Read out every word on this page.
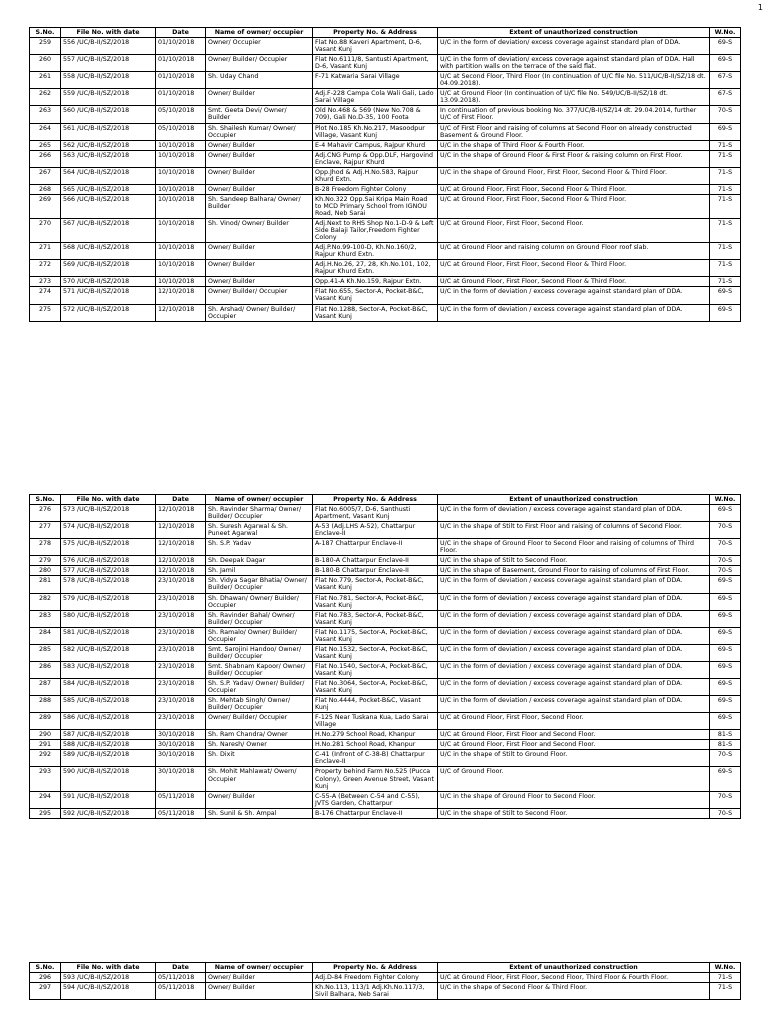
1
S.No.	File No. with date	Date	Name of owner/ occupier	Property No. & Address	Extent of unauthorized construction	W.No.
259	556 /UC/B-II/SZ/2018	01/10/2018	Owner/ Occupier	Flat No.88 Kaveri Apartment, D-6, Vasant Kunj	U/C in the form of deviation/ excess coverage against standard plan of DDA.	69-S
260	557 /UC/B-II/SZ/2018	01/10/2018	Owner/ Builder/ Occupier	Flat No.6111/8, Santusti Apartment, D-6, Vasant Kunj	U/C in the form of deviation/ excess coverage against standard plan of DDA. Hall with partition walls on the terrace of the said flat.	69-S
261	558 /UC/B-II/SZ/2018	01/10/2018	Sh. Uday Chand	F-71 Katwaria Sarai Village	U/C at Second Floor, Third Floor (In continuation of U/C file No. 511/UC/B-II/SZ/18 dt. 04.09.2018).	67-S
262	559 /UC/B-II/SZ/2018	01/10/2018	Owner/ Builder	Adj.F-228 Campa Cola Wali Gali, Lado Sarai Village	U/C at Ground Floor (In continuation of U/C file No. 549/UC/B-II/SZ/18 dt. 13.09.2018).	67-S
263	560 /UC/B-II/SZ/2018	05/10/2018	Smt. Geeta Devi/ Owner/ Builder	Old No.468 & 569 (New No.708 & 709), Gali No.D-35, 100 Foota	In continuation of previous booking No. 377/UC/B-II/SZ/14 dt. 29.04.2014, further U/C of First Floor.	70-S
264	561 /UC/B-II/SZ/2018	05/10/2018	Sh. Shailesh Kumar/ Owner/ Occupier	Plot No.185 Kh.No.217, Masoodpur Village, Vasant Kunj	U/C of First Floor and raising of columns at Second Floor on already constructed Basement & Ground Floor.	69-S
265	562 /UC/B-II/SZ/2018	10/10/2018	Owner/ Builder	E-4 Mahavir Campus, Rajpur Khurd	U/C in the shape of Third Floor & Fourth Floor.	71-S
266	563 /UC/B-II/SZ/2018	10/10/2018	Owner/ Builder	Adj.CNG Pump & Opp.DLF, Hargovind Enclave, Rajpur Khurd	U/C in the shape of Ground Floor & First Floor & raising column on First Floor.	71-S
267	564 /UC/B-II/SZ/2018	10/10/2018	Owner/ Builder	Opp.Jhod & Adj.H.No.583, Rajpur Khurd Extn.	U/C in the shape of Ground Floor, First Floor, Second Floor & Third Floor.	71-S
268	565 /UC/B-II/SZ/2018	10/10/2018	Owner/ Builder	B-28 Freedom Fighter Colony	U/C at Ground Floor, First Floor, Second Floor & Third Floor.	71-S
269	566 /UC/B-II/SZ/2018	10/10/2018	Sh. Sandeep Balhara/ Owner/ Builder	Kh.No.322 Opp.Sai Kripa Main Road to MCD Primary School from IGNOU Road, Neb Sarai	U/C at Ground Floor, First Floor, Second Floor & Third Floor.	71-S
270	567 /UC/B-II/SZ/2018	10/10/2018	Sh. Vinod/ Owner/ Builder	Adj.Next to RHS Shop No.1-D-9 & Left Side Balaji Tailor,Freedom Fighter Colony	U/C at Ground Floor, First Floor, Second Floor.	71-S
271	568 /UC/B-II/SZ/2018	10/10/2018	Owner/ Builder	Adj.P.No.99-100-D, Kh.No.160/2, Rajpur Khurd Extn.	U/C at Ground Floor and raising column on Ground Floor roof slab.	71-S
272	569 /UC/B-II/SZ/2018	10/10/2018	Owner/ Builder	Adj.H.No.26, 27, 28, Kh.No.101, 102, Rajpur Khurd Extn.	U/C at Ground Floor, First Floor, Second Floor & Third Floor.	71-S
273	570 /UC/B-II/SZ/2018	10/10/2018	Owner/ Builder	Opp.41-A Kh.No.159, Rajpur Extn.	U/C at Ground Floor, First Floor, Second Floor & Third Floor.	71-S
274	571 /UC/B-II/SZ/2018	12/10/2018	Owner/ Builder/ Occupier	Flat No.655, Sector-A, Pocket-B&C, Vasant Kunj	U/C in the form of deviation / excess coverage against standard plan of DDA.	69-S
275	572 /UC/B-II/SZ/2018	12/10/2018	Sh. Arshad/ Owner/ Builder/ Occupier	Flat No.1288, Sector-A, Pocket-B&C, Vasant Kunj	U/C in the form of deviation / excess coverage against standard plan of DDA.	69-S
S.No.	File No. with date	Date	Name of owner/ occupier	Property No. & Address	Extent of unauthorized construction	W.No.
276	573 /UC/B-II/SZ/2018	12/10/2018	Sh. Ravinder Sharma/ Owner/ Builder/ Occupier	Flat No.6005/7, D-6, Santhusti Apartment, Vasant Kunj	U/C in the form of deviation / excess coverage against standard plan of DDA.	69-S
277	574 /UC/B-II/SZ/2018	12/10/2018	Sh. Suresh Agarwal & Sh. Puneet Agarwal	A-53 (Adj.LHS A-52), Chattarpur Enclave-II	U/C in the shape of Stilt to First Floor and raising of columns of Second Floor.	70-S
278	575 /UC/B-II/SZ/2018	12/10/2018	Sh. S.P. Yadav	A-187 Chattarpur Enclave-II	U/C in the shape of Ground Floor to Second Floor and raising of columns of Third Floor.	70-S
279	576 /UC/B-II/SZ/2018	12/10/2018	Sh. Deepak Dagar	B-180-A Chattarpur Enclave-II	U/C in the shape of Stilt to Second Floor.	70-S
280	577 /UC/B-II/SZ/2018	12/10/2018	Sh. Jamil	B-180-B Chattarpur Enclave-II	U/C in the shape of Basement, Ground Floor to raising of columns of First Floor.	70-S
281	578 /UC/B-II/SZ/2018	23/10/2018	Sh. Vidya Sagar Bhatia/ Owner/ Builder/ Occupier	Flat No.779, Sector-A, Pocket-B&C, Vasant Kunj	U/C in the form of deviation / excess coverage against standard plan of DDA.	69-S
282	579 /UC/B-II/SZ/2018	23/10/2018	Sh. Dhawan/ Owner/ Builder/ Occupier	Flat No.781, Sector-A, Pocket-B&C, Vasant Kunj	U/C in the form of deviation / excess coverage against standard plan of DDA.	69-S
283	580 /UC/B-II/SZ/2018	23/10/2018	Sh. Ravinder Bahal/ Owner/ Builder/ Occupier	Flat No.783, Sector-A, Pocket-B&C, Vasant Kunj	U/C in the form of deviation / excess coverage against standard plan of DDA.	69-S
284	581 /UC/B-II/SZ/2018	23/10/2018	Sh. Ramalo/ Owner/ Builder/ Occupier	Flat No.1175, Sector-A, Pocket-B&C, Vasant Kunj	U/C in the form of deviation / excess coverage against standard plan of DDA.	69-S
285	582 /UC/B-II/SZ/2018	23/10/2018	Smt. Sarojini Handoo/ Owner/ Builder/ Occupier	Flat No.1532, Sector-A, Pocket-B&C, Vasant Kunj	U/C in the form of deviation / excess coverage against standard plan of DDA.	69-S
286	583 /UC/B-II/SZ/2018	23/10/2018	Smt. Shabnam Kapoor/ Owner/ Builder/ Occupier	Flat No.1540, Sector-A, Pocket-B&C, Vasant Kunj	U/C in the form of deviation / excess coverage against standard plan of DDA.	69-S
287	584 /UC/B-II/SZ/2018	23/10/2018	Sh. S.P. Yadav/ Owner/ Builder/ Occupier	Flat No.3064, Sector-A, Pocket-B&C, Vasant Kunj	U/C in the form of deviation / excess coverage against standard plan of DDA.	69-S
288	585 /UC/B-II/SZ/2018	23/10/2018	Sh. Mehtab Singh/ Owner/ Builder/ Occupier	Flat No.4444, Pocket-B&C, Vasant Kunj	U/C in the form of deviation / excess coverage against standard plan of DDA.	69-S
289	586 /UC/B-II/SZ/2018	23/10/2018	Owner/ Builder/ Occupier	F-125 Near Tuskana Kua, Lado Sarai Village	U/C at Ground Floor, First Floor, Second Floor.	69-S
290	587 /UC/B-II/SZ/2018	30/10/2018	Sh. Ram Chandra/ Owner	H.No.279 School Road, Khanpur	U/C at Ground Floor, First Floor and Second Floor.	81-S
291	588 /UC/B-II/SZ/2018	30/10/2018	Sh. Naresh/ Owner	H.No.281 School Road, Khanpur	U/C at Ground Floor, First Floor and Second Floor.	81-S
292	589 /UC/B-II/SZ/2018	30/10/2018	Sh. Dixit	C-41 (Infront of C-38-B) Chattarpur Enclave-II	U/C in the shape of Stilt to Ground Floor.	70-S
293	590 /UC/B-II/SZ/2018	30/10/2018	Sh. Mohit Mahlawat/ Owern/ Occupier	Property behind Farm No.525 (Pucca Colony), Green Avenue Street, Vasant Kunj	U/C of Ground Floor.	69-S
294	591 /UC/B-II/SZ/2018	05/11/2018	Owner/ Builder	C-55-A (Between C-54 and C-55), JVTS Garden, Chattarpur	U/C in the shape of Ground Floor to Second Floor.	70-S
295	592 /UC/B-II/SZ/2018	05/11/2018	Sh. Sunil & Sh. Ampal	B-176 Chattarpur Enclave-II	U/C in the shape of Stilt to Second Floor.	70-S
S.No.	File No. with date	Date	Name of owner/ occupier	Property No. & Address	Extent of unauthorized construction	W.No.
296	593 /UC/B-II/SZ/2018	05/11/2018	Owner/ Builder	Adj.D-84 Freedom Fighter Colony	U/C at Ground Floor, First Floor, Second Floor, Third Floor & Fourth Floor.	71-S
297	594 /UC/B-II/SZ/2018	05/11/2018	Owner/ Builder	Kh.No.113, 113/1 Adj.Kh.No.117/3, Sivil Balhara, Neb Sarai	U/C in the shape of Second Floor & Third Floor.	71-S
